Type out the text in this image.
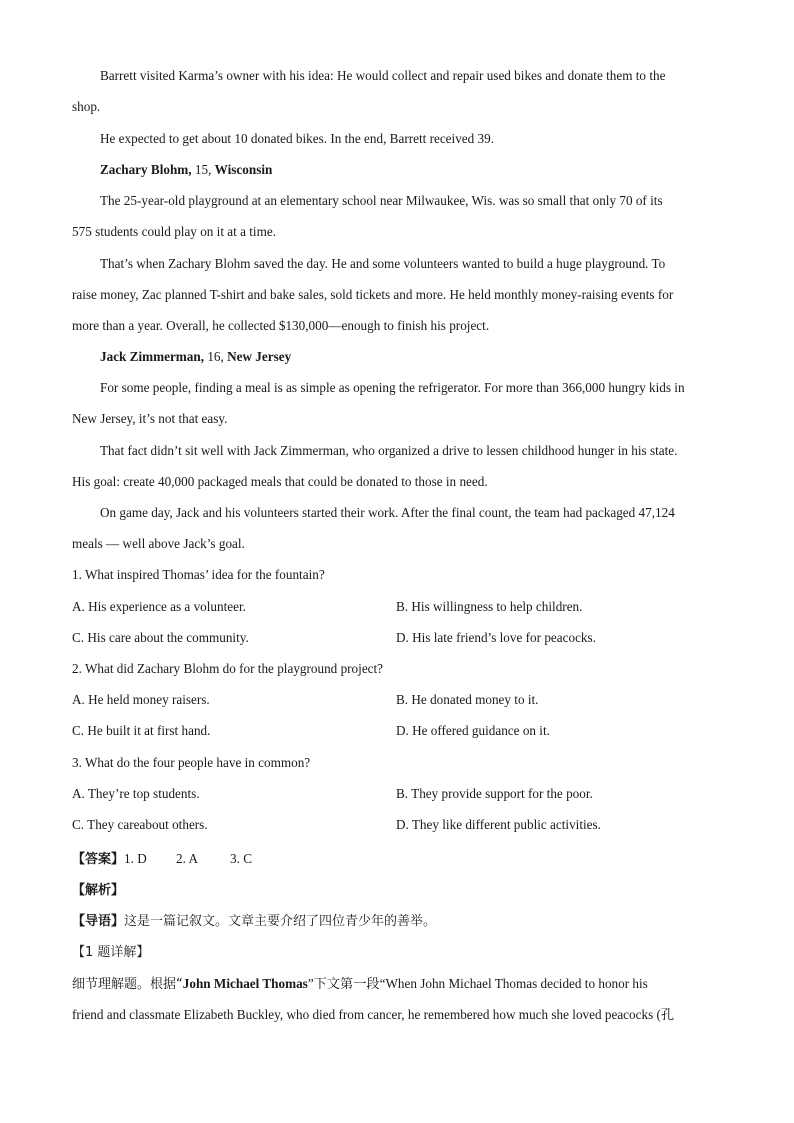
Barrett visited Karma’s owner with his idea: He would collect and repair used bikes and donate them to the
shop.
He expected to get about 10 donated bikes. In the end, Barrett received 39.
Zachary Blohm, 15, Wisconsin
The 25-year-old playground at an elementary school near Milwaukee, Wis. was so small that only 70 of its
575 students could play on it at a time.
That’s when Zachary Blohm saved the day. He and some volunteers wanted to build a huge playground. To
raise money, Zac planned T-shirt and bake sales, sold tickets and more. He held monthly money-raising events for
more than a year. Overall, he collected $130,000—enough to finish his project.
Jack Zimmerman, 16, New Jersey
For some people, finding a meal is as simple as opening the refrigerator. For more than 366,000 hungry kids in
New Jersey, it’s not that easy.
That fact didn’t sit well with Jack Zimmerman, who organized a drive to lessen childhood hunger in his state.
His goal: create 40,000 packaged meals that could be donated to those in need.
On game day, Jack and his volunteers started their work. After the final count, the team had packaged 47,124
meals — well above Jack’s goal.
1. What inspired Thomas’ idea for the fountain?
A. His experience as a volunteer.	B. His willingness to help children.
C. His care about the community.	D. His late friend’s love for peacocks.
2. What did Zachary Blohm do for the playground project?
A. He held money raisers.	B. He donated money to it.
C. He built it at first hand.	D. He offered guidance on it.
3. What do the four people have in common?
A. They’re top students.	B. They provide support for the poor.
C. They careabout others.	D. They like different public activities.
【答案】1. D 2. A 3. C
【解析】
【导语】这是一篇记叙文。文章主要介绍了四位青少年的善举。
【1 题详解】
细节理解题。根据“John Michael Thomas”下文第一段“When John Michael Thomas decided to honor his
friend and classmate Elizabeth Buckley, who died from cancer, he remembered how much she loved peacocks (孔
